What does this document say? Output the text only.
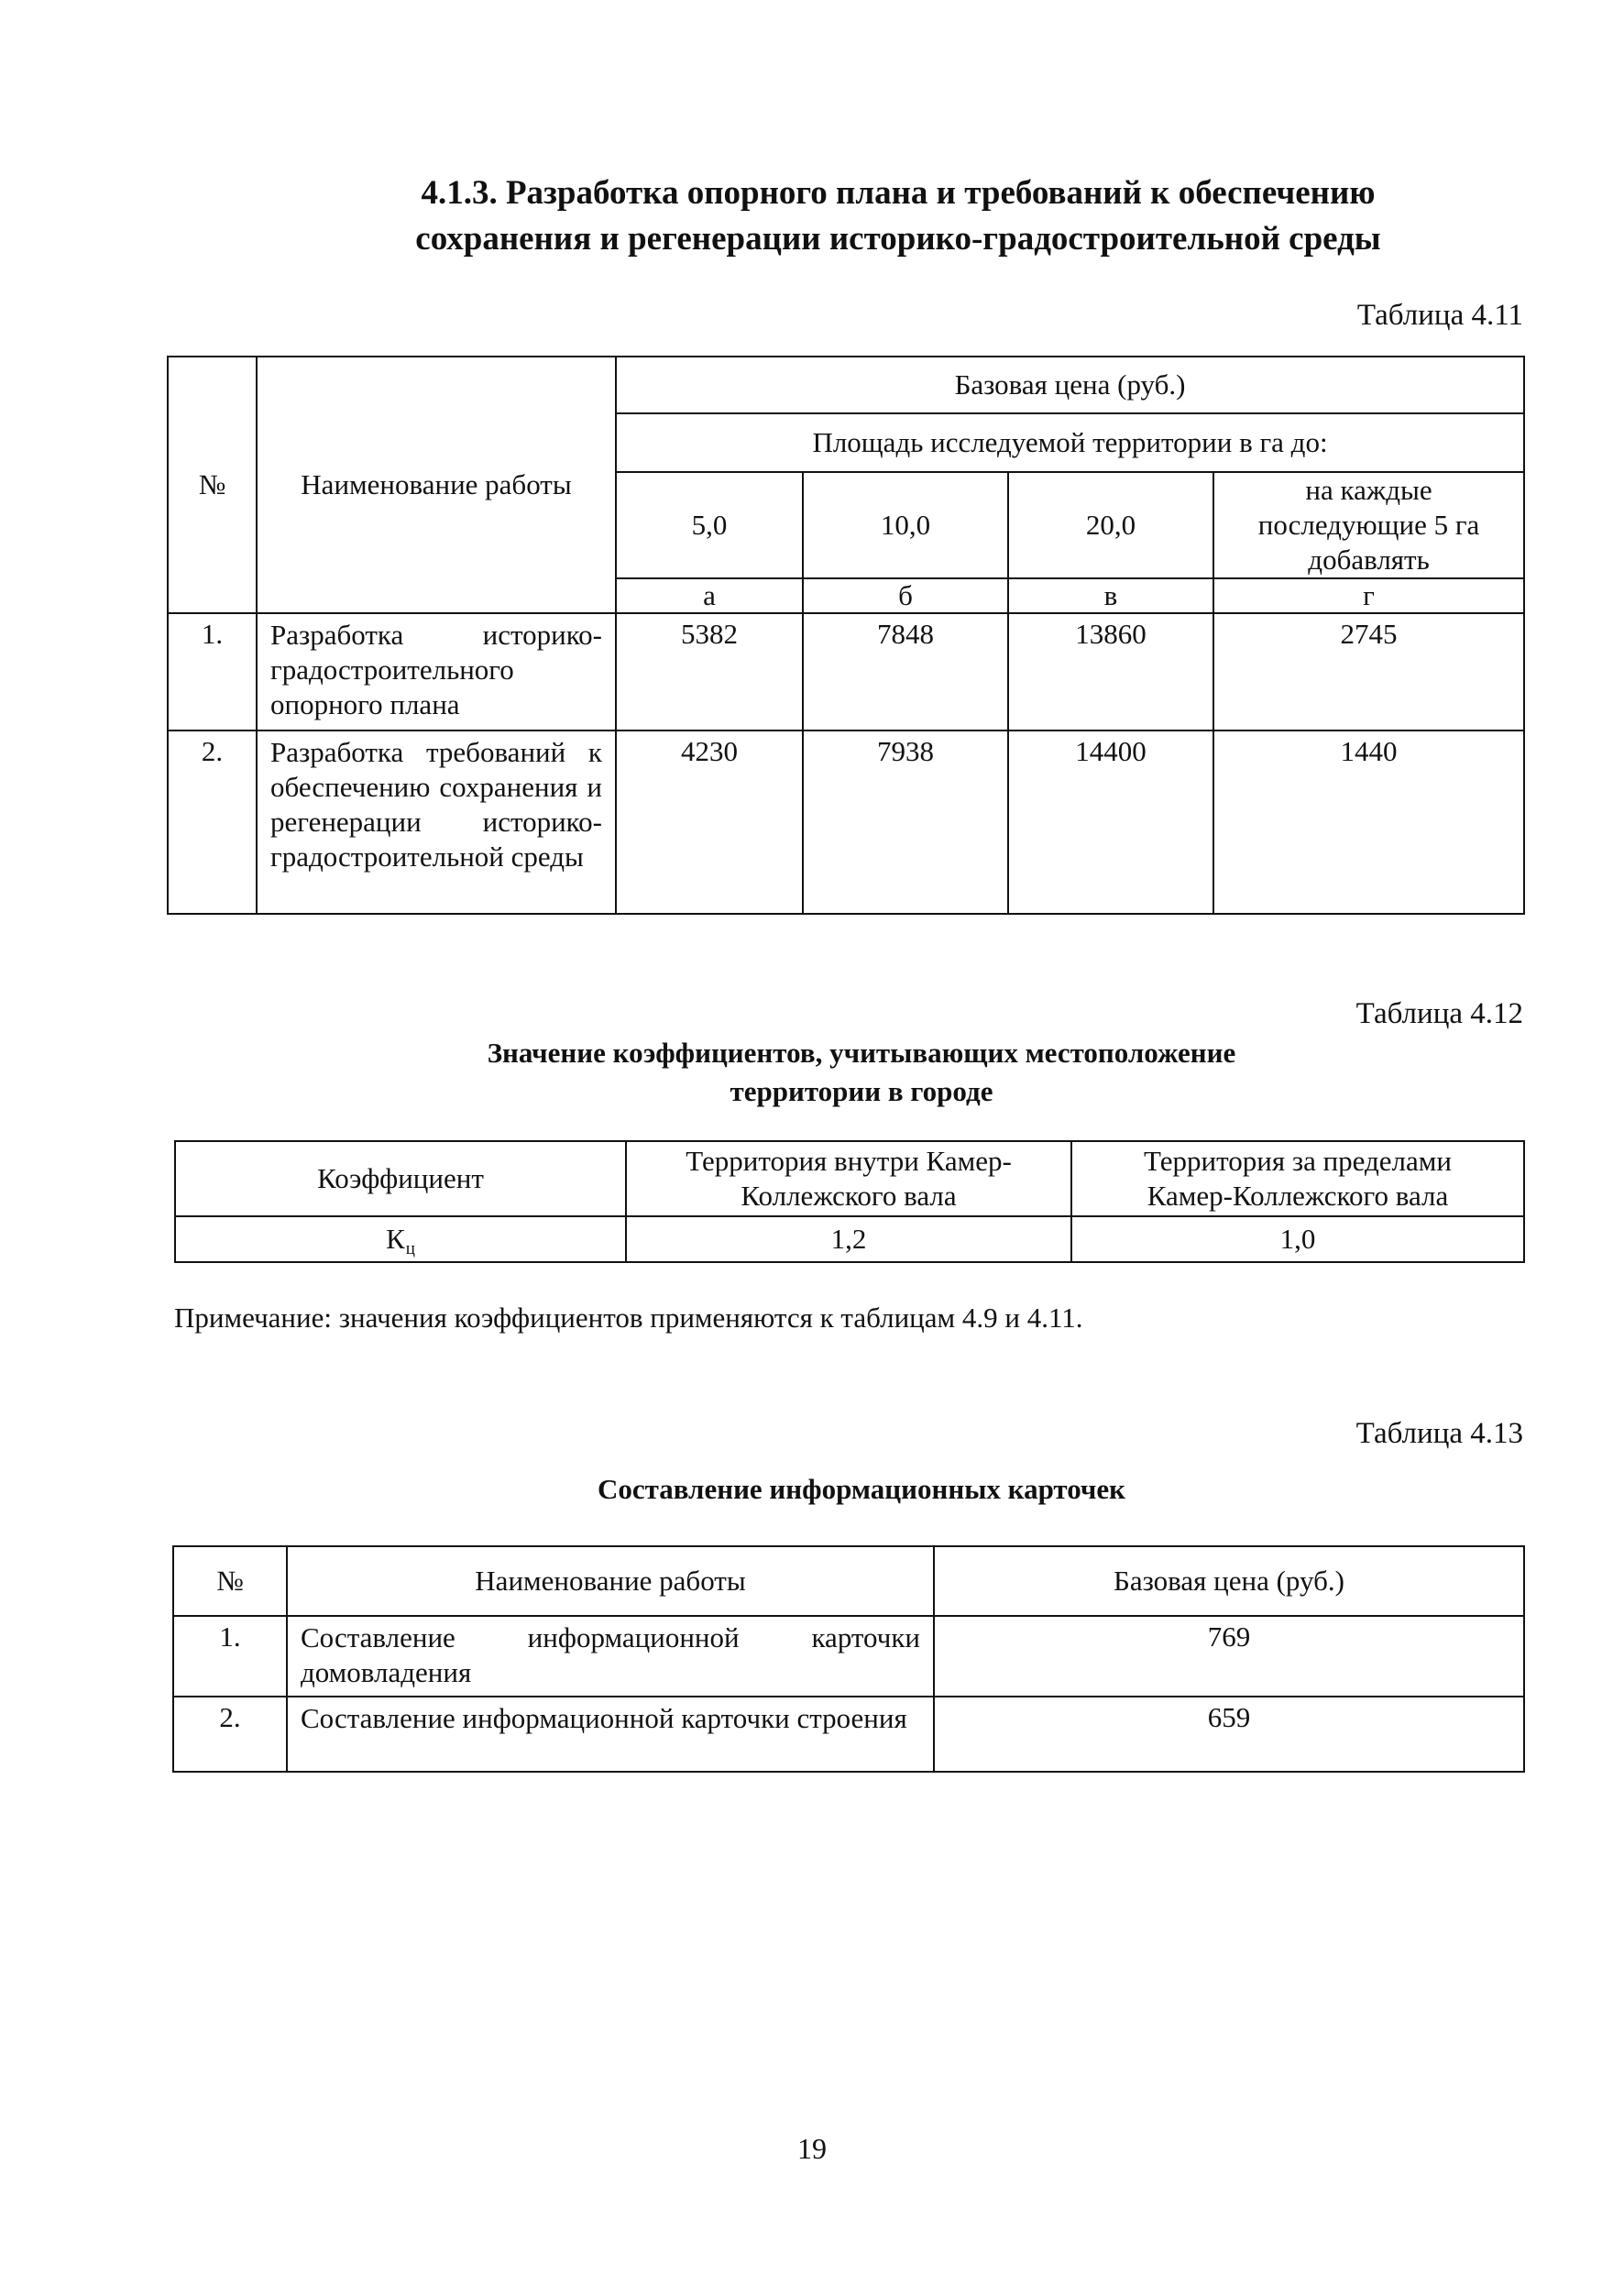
4.1.3. Разработка опорного плана и требований к обеспечению
сохранения и регенерации историко-градостроительной среды
Таблица 4.11
№	Наименование работы	Базовая цена (руб.)			
		Площадь исследуемой территории в га до:			
		5,0	10,0	20,0	на каждые последующие 5 га добавлять
		а	б	в	г
1.	Разработка историко-градостроительного опорного плана	5382	7848	13860	2745
2.	Разработка требований к обеспечению сохранения и регенерации историко-градостроительной среды	4230	7938	14400	1440
Таблица 4.12
Значение коэффициентов, учитывающих местоположение
территории в городе
Коэффициент	Территория внутри Камер-Коллежского вала	Территория за пределами Камер-Коллежского вала
Кц	1,2	1,0
Примечание: значения коэффициентов применяются к таблицам 4.9 и 4.11.
Таблица 4.13
Составление информационных карточек
№	Наименование работы	Базовая цена (руб.)
1.	Составление информационной карточки домовладения	769
2.	Составление информационной карточки строения	659
19
